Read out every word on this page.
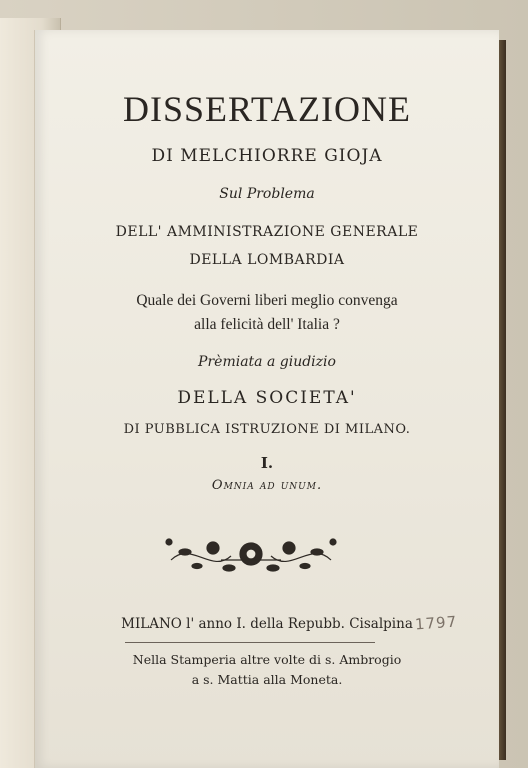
DISSERTAZIONE
DI MELCHIORRE GIOJA
Sul Problema
DELL' AMMINISTRAZIONE GENERALE
DELLA LOMBARDIA
Quale dei Governi liberi meglio convenga
alla felicità dell' Italia ?
Prèmiata a giudizio
DELLA SOCIETA'
DI PUBBLICA ISTRUZIONE DI MILANO.
I.
Omnia ad unum.
MILANO l' anno I. della Repubb. Cisalpina
Nella Stamperia altre volte di s. Ambrogio
a s. Mattia alla Moneta.
1797
